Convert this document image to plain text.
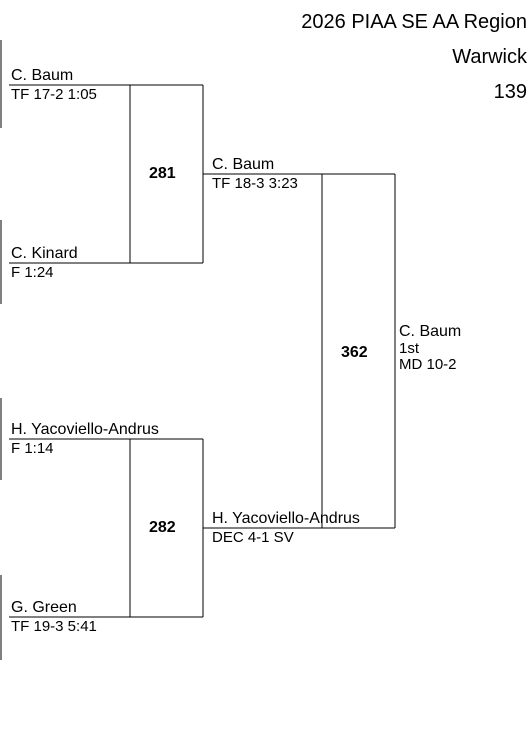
2026 PIAA SE AA Region
Warwick
139
C. Baum
TF 17-2 1:05
C. Kinard
F 1:24
281
H. Yacoviello-Andrus
F 1:14
G. Green
TF 19-3 5:41
282
C. Baum
TF 18-3 3:23
H. Yacoviello-Andrus
DEC 4-1 SV
362
C. Baum
1st
MD 10-2
